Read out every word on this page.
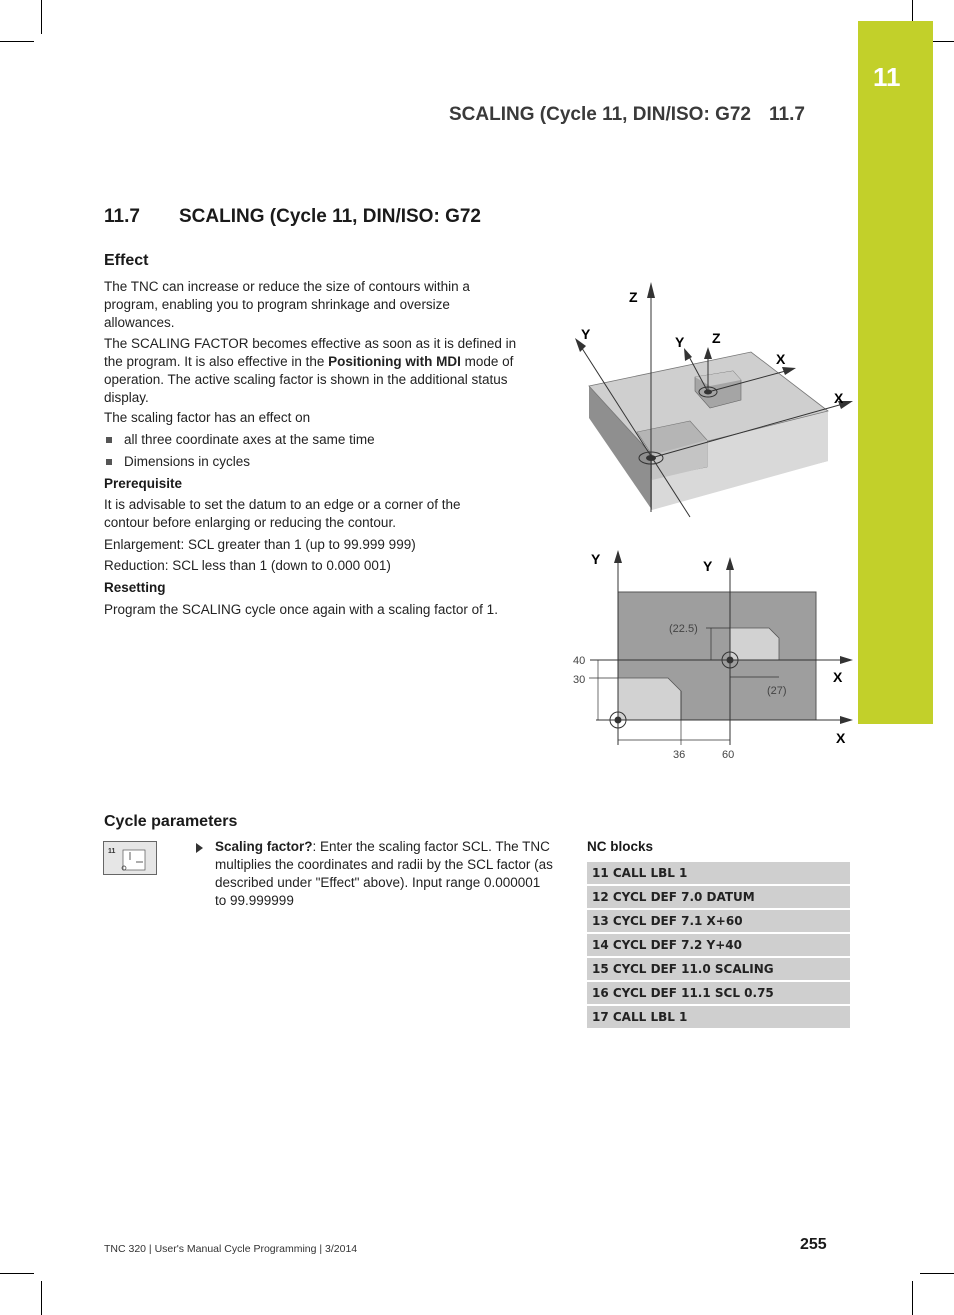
11
SCALING (Cycle 11, DIN/ISO: G72 11.7
11.7 SCALING (Cycle 11, DIN/ISO: G72
Effect
The TNC can increase or reduce the size of contours within a program, enabling you to program shrinkage and oversize allowances.
The SCALING FACTOR becomes effective as soon as it is defined in the program. It is also effective in the Positioning with MDI mode of operation. The active scaling factor is shown in the additional status display.
The scaling factor has an effect on
all three coordinate axes at the same time
Dimensions in cycles
Prerequisite
It is advisable to set the datum to an edge or a corner of the contour before enlarging or reducing the contour.
Enlargement: SCL greater than 1 (up to 99.999 999)
Reduction: SCL less than 1 (down to 0.000 001)
Resetting
Program the SCALING cycle once again with a scaling factor of 1.
Z
Y	Y Z
X
X
Y	Y
X
X
(22.5)
(27)
40
30
36	60
Cycle parameters
11	Scaling factor?: Enter the scaling factor SCL. The TNC multiplies the coordinates and radii by the SCL factor (as described under "Effect" above). Input range 0.000001 to 99.999999
NC blocks
11 CALL LBL 1
12 CYCL DEF 7.0 DATUM
13 CYCL DEF 7.1 X+60
14 CYCL DEF 7.2 Y+40
15 CYCL DEF 11.0 SCALING
16 CYCL DEF 11.1 SCL 0.75
17 CALL LBL 1
TNC 320 | User's Manual Cycle Programming | 3/2014	255
